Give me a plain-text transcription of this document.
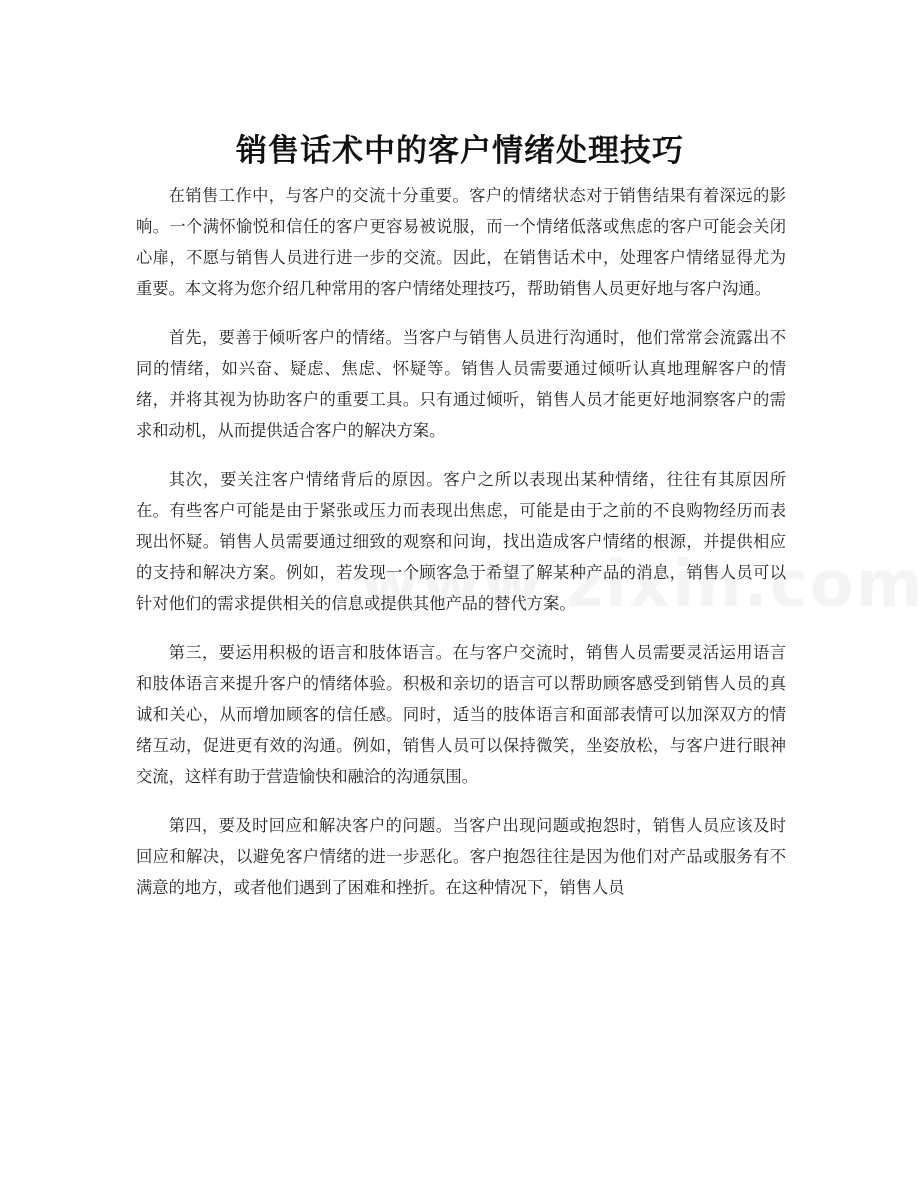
销售话术中的客户情绪处理技巧

在销售工作中，与客户的交流十分重要。客户的情绪状态对于销售结果有着深远的影响。一个满怀愉悦和信任的客户更容易被说服，而一个情绪低落或焦虑的客户可能会关闭心扉，不愿与销售人员进行进一步的交流。因此，在销售话术中，处理客户情绪显得尤为重要。本文将为您介绍几种常用的客户情绪处理技巧，帮助销售人员更好地与客户沟通。

首先，要善于倾听客户的情绪。当客户与销售人员进行沟通时，他们常常会流露出不同的情绪，如兴奋、疑虑、焦虑、怀疑等。销售人员需要通过倾听认真地理解客户的情绪，并将其视为协助客户的重要工具。只有通过倾听，销售人员才能更好地洞察客户的需求和动机，从而提供适合客户的解决方案。

其次，要关注客户情绪背后的原因。客户之所以表现出某种情绪，往往有其原因所在。有些客户可能是由于紧张或压力而表现出焦虑，可能是由于之前的不良购物经历而表现出怀疑。销售人员需要通过细致的观察和问询，找出造成客户情绪的根源，并提供相应的支持和解决方案。例如，若发现一个顾客急于希望了解某种产品的消息，销售人员可以针对他们的需求提供相关的信息或提供其他产品的替代方案。

第三，要运用积极的语言和肢体语言。在与客户交流时，销售人员需要灵活运用语言和肢体语言来提升客户的情绪体验。积极和亲切的语言可以帮助顾客感受到销售人员的真诚和关心，从而增加顾客的信任感。同时，适当的肢体语言和面部表情可以加深双方的情绪互动，促进更有效的沟通。例如，销售人员可以保持微笑，坐姿放松，与客户进行眼神交流，这样有助于营造愉快和融洽的沟通氛围。

第四，要及时回应和解决客户的问题。当客户出现问题或抱怨时，销售人员应该及时回应和解决，以避免客户情绪的进一步恶化。客户抱怨往往是因为他们对产品或服务有不满意的地方，或者他们遇到了困难和挫折。在这种情况下，销售人员
